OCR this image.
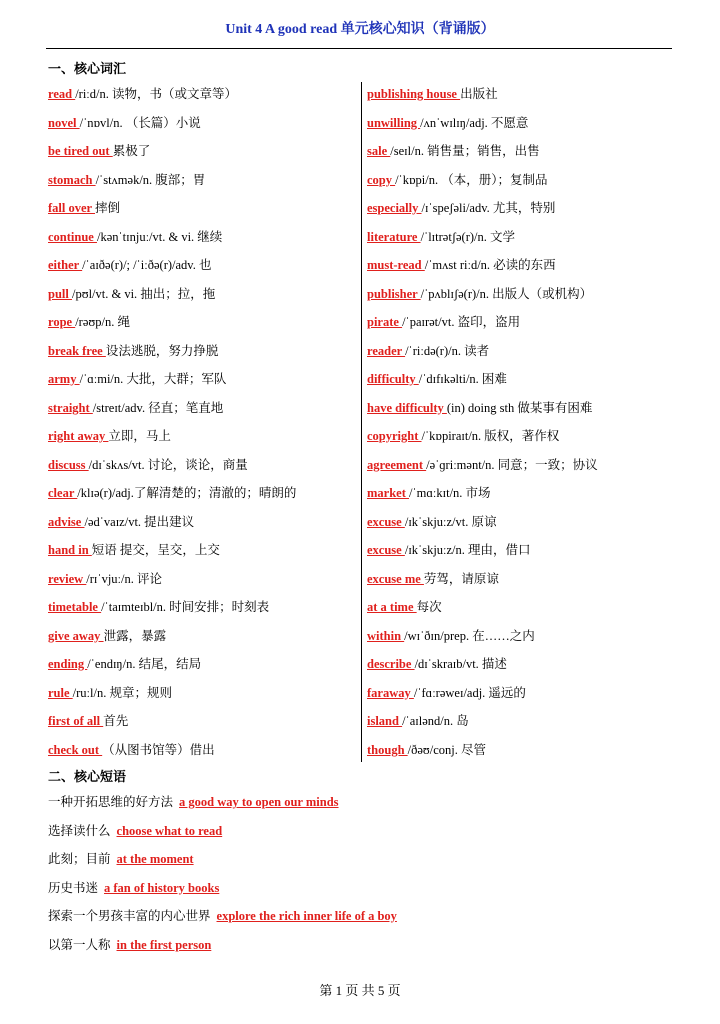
Unit 4 A good read 单元核心知识（背诵版）
一、核心词汇
read /riːd/n. 读物，书（或文章等）
novel /ˈnɒvl/n. （长篇）小说
be tired out 累极了
stomach /ˈstʌmək/n. 腹部；胃
fall over 摔倒
continue /kənˈtɪnjuː/vt. & vi. 继续
either /ˈaɪðə(r)/; /ˈiːðə(r)/adv. 也
pull /pʊl/vt. & vi. 抽出；拉，拖
rope /rəʊp/n. 绳
break free 设法逃脱，努力挣脱
army /ˈɑːmi/n. 大批，大群；军队
straight /streɪt/adv. 径直；笔直地
right away 立即，马上
discuss /dɪˈskʌs/vt. 讨论，谈论，商量
clear /klɪə(r)/adj.了解清楚的；清澈的；晴朗的
advise /ədˈvaɪz/vt. 提出建议
hand in 短语 提交，呈交，上交
review /rɪˈvjuː/n. 评论
timetable /ˈtaɪmteɪbl/n. 时间安排；时刻表
give away 泄露，暴露
ending /ˈendɪŋ/n. 结尾，结局
rule /ruːl/n. 规章；规则
first of all 首先
check out （从图书馆等）借出
publishing house 出版社
unwilling /ʌnˈwɪlɪŋ/adj. 不愿意
sale /seɪl/n. 销售量；销售，出售
copy /ˈkɒpi/n. （本，册）；复制品
especially /ɪˈspeʃəli/adv. 尤其，特别
literature /ˈlɪtrətʃə(r)/n. 文学
must-read /ˈmʌst riːd/n. 必读的东西
publisher /ˈpʌblɪʃə(r)/n. 出版人（或机构）
pirate /ˈpaɪrət/vt. 盗印，盗用
reader /ˈriːdə(r)/n. 读者
difficulty /ˈdɪfɪkəlti/n. 困难
have difficulty (in) doing sth 做某事有困难
copyright /ˈkɒpiraɪt/n. 版权，著作权
agreement /əˈɡriːmənt/n. 同意；一致；协议
market /ˈmɑːkɪt/n. 市场
excuse /ɪkˈskjuːz/vt. 原谅
excuse /ɪkˈskjuːz/n. 理由，借口
excuse me 劳驾，请原谅
at a time 每次
within /wɪˈðɪn/prep. 在……之内
describe /dɪˈskraɪb/vt. 描述
faraway /ˈfɑːrəweɪ/adj. 遥远的
island /ˈaɪlənd/n. 岛
though /ðəʊ/conj. 尽管
二、核心短语
一种开拓思维的好方法 a good way to open our minds
选择读什么 choose what to read
此刻；目前 at the moment
历史书迷 a fan of history books
探索一个男孩丰富的内心世界 explore the rich inner life of a boy
以第一人称 in the first person
第 1 页 共 5 页
